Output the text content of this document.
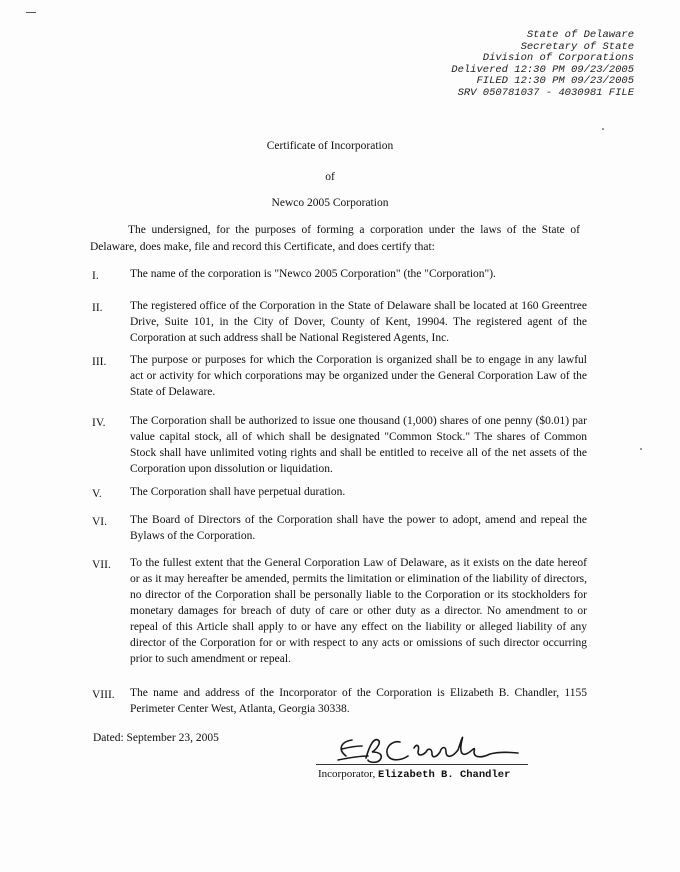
State of Delaware
Secretary of State
Division of Corporations
Delivered 12:30 PM 09/23/2005
FILED 12:30 PM 09/23/2005
SRV 050781037 - 4030981 FILE
Certificate of Incorporation
of
Newco 2005 Corporation
The undersigned, for the purposes of forming a corporation under the laws of the State of Delaware, does make, file and record this Certificate, and does certify that:
I.	The name of the corporation is "Newco 2005 Corporation" (the "Corporation").
II.	The registered office of the Corporation in the State of Delaware shall be located at 160 Greentree Drive, Suite 101, in the City of Dover, County of Kent, 19904. The registered agent of the Corporation at such address shall be National Registered Agents, Inc.
III.	The purpose or purposes for which the Corporation is organized shall be to engage in any lawful act or activity for which corporations may be organized under the General Corporation Law of the State of Delaware.
IV.	The Corporation shall be authorized to issue one thousand (1,000) shares of one penny ($0.01) par value capital stock, all of which shall be designated "Common Stock." The shares of Common Stock shall have unlimited voting rights and shall be entitled to receive all of the net assets of the Corporation upon dissolution or liquidation.
V.	The Corporation shall have perpetual duration.
VI.	The Board of Directors of the Corporation shall have the power to adopt, amend and repeal the Bylaws of the Corporation.
VII.	To the fullest extent that the General Corporation Law of Delaware, as it exists on the date hereof or as it may hereafter be amended, permits the limitation or elimination of the liability of directors, no director of the Corporation shall be personally liable to the Corporation or its stockholders for monetary damages for breach of duty of care or other duty as a director. No amendment to or repeal of this Article shall apply to or have any effect on the liability or alleged liability of any director of the Corporation for or with respect to any acts or omissions of such director occurring prior to such amendment or repeal.
VIII.	The name and address of the Incorporator of the Corporation is Elizabeth B. Chandler, 1155 Perimeter Center West, Atlanta, Georgia 30338.
Dated: September 23, 2005
Incorporator, Elizabeth B. Chandler
